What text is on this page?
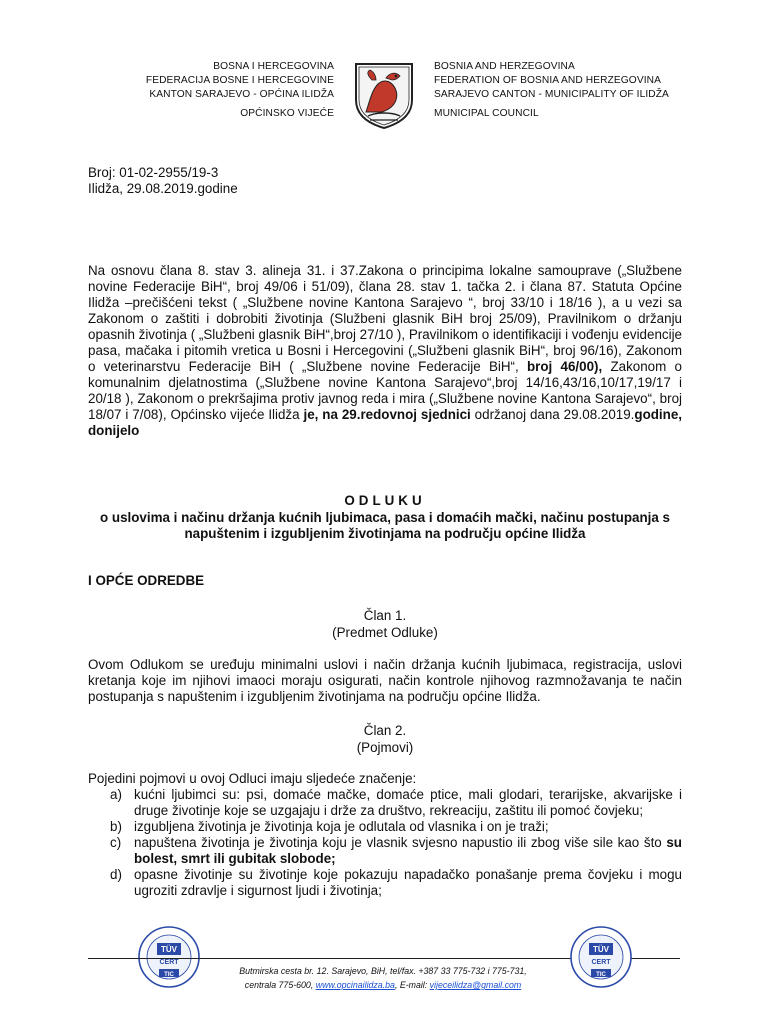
BOSNA I HERCEGOVINA
FEDERACIJA BOSNE I HERCEGOVINE
KANTON SARAJEVO - OPĆINA ILIDŽA
OPĆINSKO VIJEĆE
BOSNIA AND HERZEGOVINA
FEDERATION OF BOSNIA AND HERZEGOVINA
SARAJEVO CANTON - MUNICIPALITY OF ILIDŽA
MUNICIPAL COUNCIL
Broj: 01-02-2955/19-3
Ilidža, 29.08.2019.godine
Na osnovu člana 8. stav 3. alineja 31. i 37.Zakona o principima lokalne samouprave („Službene novine Federacije BiH“, broj 49/06 i 51/09), člana 28. stav 1. tačka 2. i člana 87. Statuta Općine Ilidža –prečišćeni tekst ( „Službene novine Kantona Sarajevo “, broj 33/10 i 18/16 ), a u vezi sa Zakonom o zaštiti i dobrobiti životinja (Službeni glasnik BiH broj 25/09), Pravilnikom o držanju opasnih životinja ( „Službeni glasnik BiH“,broj 27/10 ), Pravilnikom o identifikaciji i vođenju evidencije pasa, mačaka i pitomih vretica u Bosni i Hercegovini („Službeni glasnik BiH“, broj 96/16), Zakonom o veterinarstvu Federacije BiH ( „Službene novine Federacije BiH“, broj 46/00), Zakonom o komunalnim djelatnostima („Službene novine Kantona Sarajevo“,broj 14/16,43/16,10/17,19/17 i 20/18 ), Zakonom o prekršajima protiv javnog reda i mira („Službene novine Kantona Sarajevo“, broj 18/07 i 7/08), Općinsko vijeće Ilidža je, na 29.redovnoj sjednici održanoj dana 29.08.2019.godine, donijelo
ODLUKU
o uslovima i načinu držanja kućnih ljubimaca, pasa i domaćih mački, načinu postupanja s napuštenim i izgubljenim životinjama na području općine Ilidža
I OPĆE ODREDBE
Član 1.
(Predmet Odluke)
Ovom Odlukom se uređuju minimalni uslovi i način držanja kućnih ljubimaca, registracija, uslovi kretanja koje im njihovi imaoci moraju osigurati, način kontrole njihovog razmnožavanja te način postupanja s napuštenim i izgubljenim životinjama na području općine Ilidža.
Član 2.
(Pojmovi)
Pojedini pojmovi u ovoj Odluci imaju sljedeće značenje:
a) kućni ljubimci su: psi, domaće mačke, domaće ptice, mali glodari, terarijske, akvarijske i druge životinje koje se uzgajaju i drže za društvo, rekreaciju, zaštitu ili pomoć čovjeku;
b) izgubljena životinja je životinja koja je odlutala od vlasnika i on je traži;
c) napuštena životinja je životinja koju je vlasnik svjesno napustio ili zbog više sile kao što su bolest, smrt ili gubitak slobode;
d) opasne životinje su životinje koje pokazuju napadačko ponašanje prema čovjeku i mogu ugroziti zdravlje i sigurnost ljudi i životinja;
TÜV
CERT
TIC	Butmirska cesta br. 12. Sarajevo, BiH, tel/fax. +387 33 775-732 i 775-731,
centrala 775-600, www.opcinailidza.ba, E-mail: vijeceilidza@gmail.com
TÜV
CERT
TIC
